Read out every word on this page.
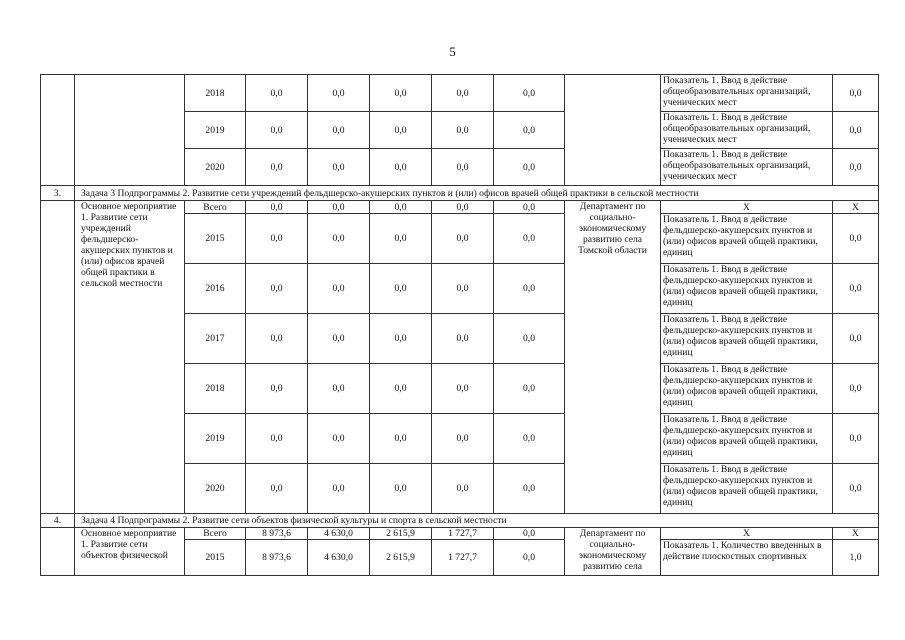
5
		2018	0,0	0,0	0,0	0,0	0,0		Показатель 1. Ввод в действие общеобразовательных организаций, ученических мест	0,0
		2019	0,0	0,0	0,0	0,0	0,0		Показатель 1. Ввод в действие общеобразовательных организаций, ученических мест	0,0
		2020	0,0	0,0	0,0	0,0	0,0		Показатель 1. Ввод в действие общеобразовательных организаций, ученических мест	0,0
3.	Задача 3 Подпрограммы 2. Развитие сети учреждений фельдшерско-акушерских пунктов и (или) офисов врачей общей практики в сельской местности									
	Основное мероприятие 1. Развитие сети учреждений фельдшерско-акушерских пунктов и (или) офисов врачей общей практики в сельской местности	Всего	0,0	0,0	0,0	0,0	0,0	Департамент по социально-экономическому развитию села Томской области	Х	Х
		2015	0,0	0,0	0,0	0,0	0,0		Показатель 1. Ввод в действие фельдшерско-акушерских пунктов и (или) офисов врачей общей практики, единиц	0,0
		2016	0,0	0,0	0,0	0,0	0,0		Показатель 1. Ввод в действие фельдшерско-акушерских пунктов и (или) офисов врачей общей практики, единиц	0,0
		2017	0,0	0,0	0,0	0,0	0,0		Показатель 1. Ввод в действие фельдшерско-акушерских пунктов и (или) офисов врачей общей практики, единиц	0,0
		2018	0,0	0,0	0,0	0,0	0,0		Показатель 1. Ввод в действие фельдшерско-акушерских пунктов и (или) офисов врачей общей практики, единиц	0,0
		2019	0,0	0,0	0,0	0,0	0,0		Показатель 1. Ввод в действие фельдшерско-акушерских пунктов и (или) офисов врачей общей практики, единиц	0,0
		2020	0,0	0,0	0,0	0,0	0,0		Показатель 1. Ввод в действие фельдшерско-акушерских пунктов и (или) офисов врачей общей практики, единиц	0,0
4.	Задача 4 Подпрограммы 2. Развитие сети объектов физической культуры и спорта в сельской местности									
	Основное мероприятие 1. Развитие сети объектов физической	Всего	8 973,6	4 630,0	2 615,9	1 727,7	0,0	Департамент по социально-экономическому развитию села	Х	Х
		2015	8 973,6	4 630,0	2 615,9	1 727,7	0,0		Показатель 1. Количество введенных в действие плоскостных спортивных	1,0
